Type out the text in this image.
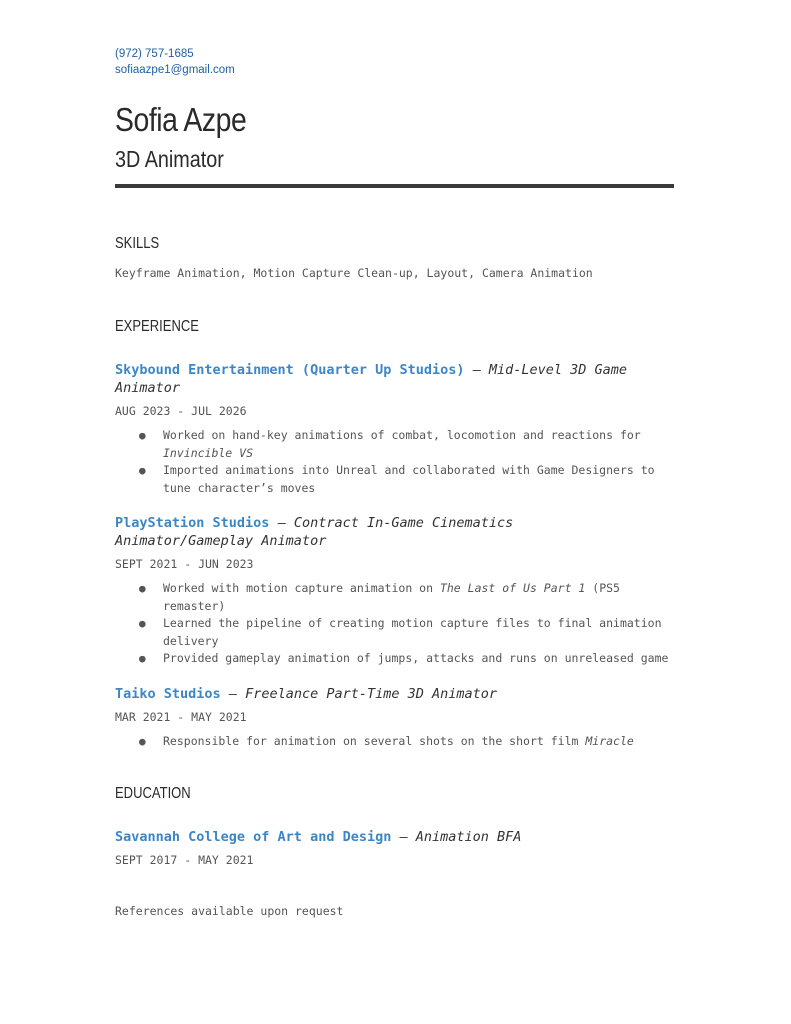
(972) 757-1685
sofiaazpe1@gmail.com
Sofia Azpe
3D Animator
SKILLS
Keyframe Animation, Motion Capture Clean-up, Layout, Camera Animation
EXPERIENCE
Skybound Entertainment (Quarter Up Studios) — Mid-Level 3D Game
Animator
AUG 2023 - JUL 2026
● Worked on hand-key animations of combat, locomotion and reactions for
Invincible VS
● Imported animations into Unreal and collaborated with Game Designers to
tune character’s moves
PlayStation Studios — Contract In-Game Cinematics
Animator/Gameplay Animator
SEPT 2021 - JUN 2023
● Worked with motion capture animation on The Last of Us Part 1 (PS5
remaster)
● Learned the pipeline of creating motion capture files to final animation
delivery
● Provided gameplay animation of jumps, attacks and runs on unreleased game
Taiko Studios — Freelance Part-Time 3D Animator
MAR 2021 - MAY 2021
● Responsible for animation on several shots on the short film Miracle
EDUCATION
Savannah College of Art and Design — Animation BFA
SEPT 2017 - MAY 2021
References available upon request
